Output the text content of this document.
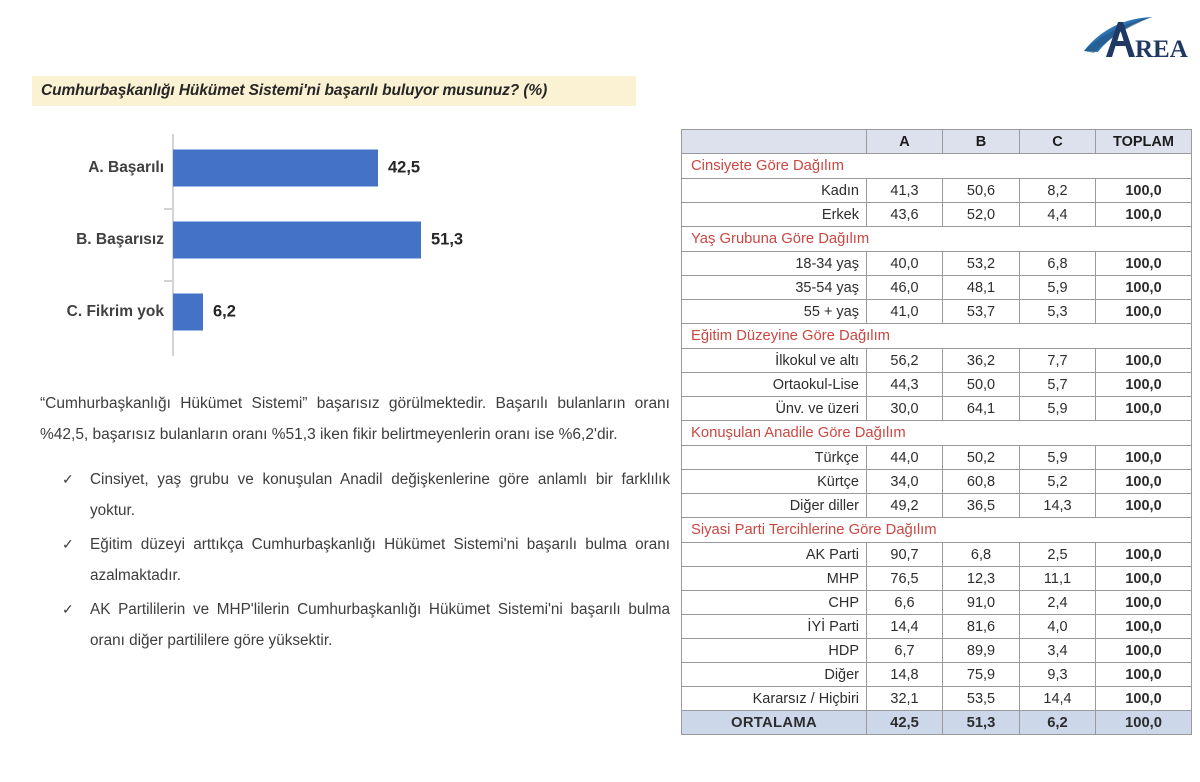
REA
Cumhurbaşkanlığı Hükümet Sistemi'ni başarılı buluyor musunuz? (%)
A. Başarılı	42,5
B. Başarısız	51,3
C. Fikrim yok	6,2

“Cumhurbaşkanlığı Hükümet Sistemi” başarısız görülmektedir. Başarılı bulanların oranı %42,5, başarısız bulanların oranı %51,3 iken fikir belirtmeyenlerin oranı ise %6,2'dir.

✓ Cinsiyet, yaş grubu ve konuşulan Anadil değişkenlerine göre anlamlı bir farklılık yoktur.
✓ Eğitim düzeyi arttıkça Cumhurbaşkanlığı Hükümet Sistemi'ni başarılı bulma oranı azalmaktadır.
✓ AK Partililerin ve MHP'lilerin Cumhurbaşkanlığı Hükümet Sistemi'ni başarılı bulma oranı diğer partililere göre yüksektir.
	A	B	C	TOPLAM
Cinsiyete Göre Dağılım				
Kadın	41,3	50,6	8,2	100,0
Erkek	43,6	52,0	4,4	100,0
Yaş Grubuna Göre Dağılım				
18-34 yaş	40,0	53,2	6,8	100,0
35-54 yaş	46,0	48,1	5,9	100,0
55 + yaş	41,0	53,7	5,3	100,0
Eğitim Düzeyine Göre Dağılım				
İlkokul ve altı	56,2	36,2	7,7	100,0
Ortaokul-Lise	44,3	50,0	5,7	100,0
Ünv. ve üzeri	30,0	64,1	5,9	100,0
Konuşulan Anadile Göre Dağılım				
Türkçe	44,0	50,2	5,9	100,0
Kürtçe	34,0	60,8	5,2	100,0
Diğer diller	49,2	36,5	14,3	100,0
Siyasi Parti Tercihlerine Göre Dağılım				
AK Parti	90,7	6,8	2,5	100,0
MHP	76,5	12,3	11,1	100,0
CHP	6,6	91,0	2,4	100,0
İYİ Parti	14,4	81,6	4,0	100,0
HDP	6,7	89,9	3,4	100,0
Diğer	14,8	75,9	9,3	100,0
Kararsız / Hiçbiri	32,1	53,5	14,4	100,0
ORTALAMA	42,5	51,3	6,2	100,0
